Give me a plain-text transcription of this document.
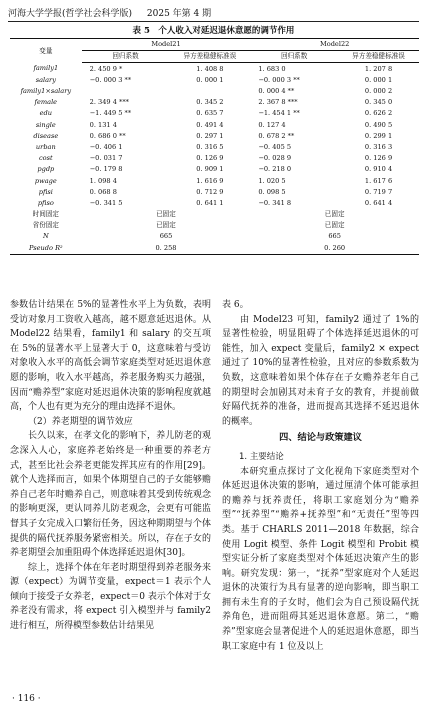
河海大学学报(哲学社会科学版) 2025 年第 4 期
表 5　个人收入对延迟退休意愿的调节作用
变量	Model21		Model22	
	回归系数	异方差稳健标准误	回归系数	异方差稳健标准误
family1	2. 450 9 *	1. 408 8	1. 683 0	1. 207 8
salary	−0. 000 3 **	0. 000 1	−0. 000 3 **	0. 000 1
family1×salary			0. 000 4 **	0. 000 2
female	2. 349 4 ***	0. 345 2	2. 367 8 ***	0. 345 0
edu	−1. 449 5 **	0. 635 7	−1. 454 1 **	0. 626 2
single	0. 131 4	0. 491 4	0. 127 4	0. 490 5
disease	0. 686 0 **	0. 297 1	0. 678 2 **	0. 299 1
urban	−0. 406 1	0. 316 5	−0. 405 5	0. 316 3
cost	−0. 031 7	0. 126 9	−0. 028 9	0. 126 9
pgdp	−0. 179 8	0. 909 1	−0. 218 0	0. 910 4
pwage	1. 098 4	1. 616 9	1. 020 5	1. 617 6
pfisi	0. 068 8	0. 712 9	0. 098 5	0. 719 7
pfiso	−0. 341 5	0. 641 1	−0. 341 8	0. 641 4
时间固定	已固定		已固定	
省份固定	已固定		已固定	
N	665		665	
Pseudo R²	0. 258		0. 260	

参数估计结果在 5%的显著性水平上为负数，表明受访对象月工资收入越高，越不愿意延迟退休。从 Model22 结果看，family1 和 salary 的交互项在 5%的显著水平上显著大于 0，这意味着与受访对象收入水平的高低会调节家庭类型对延迟退休意愿的影响，收入水平越高，养老服务购买力越强，因而“赡养型”家庭对延迟退休决策的影响程度就越高，个人也有更为充分的理由选择不退休。

（2）养老期望的调节效应

长久以来，在孝文化的影响下，养儿防老的观念深入人心，家庭养老始终是一种重要的养老方式，甚至比社会养老更能发挥其应有的作用[29]。就个人选择而言，如果个体期望自己的子女能够赡养自己老年时赡养自己，则意味着其受到传统观念的影响更深，更认同养儿防老观念，会更有可能监督其子女完成入口繁衍任务，因这种期期望与个体提供的隔代抚养服务紧密相关。所以，存在子女的养老期望会加重阻碍个体选择延迟退休[30]。

综上，选择个体在年老时期望得到养老服务来源（expect）为调节变量，expect＝1 表示个人倾向于接受子女养老，expect＝0 表示个体对于女养老没有需求，将 expect 引入模型并与 family2 进行相互，所得模型参数估计结果见

表 6。

由 Model23 可知，family2 通过了 1%的显著性检验，明显阻碍了个体选择延迟退休的可能性，加入 expect 变量后，family2 × expect 通过了 10%的显著性检验，且对应的参数系数为负数，这意味着如果个体存在子女赡养老年自己的期望时会加剧其对未育子女的教育，并提前做好隔代抚养的准备，进而提高其选择不延迟退休的概率。

四、结论与政策建议

1. 主要结论

本研究重点探讨了文化视角下家庭类型对个体延迟退休决策的影响，通过厘清个体可能承担的赡养与抚养责任，将职工家庭划分为“赡养型”“抚养型”“赡养+抚养型”和“无责任”型等四类。基于 CHARLS 2011—2018 年数据，综合使用 Logit 模型、条件 Logit 模型和 Probit 模型实证分析了家庭类型对个体延迟决策产生的影响。研究发现：第一，“抚养”型家庭对个人延迟退休的决策行为具有显著的逆向影响，即当职工拥有未生育的子女时，他们会为自己预设隔代抚养角色，进而阻碍其延迟退休意愿。第二，“赡养”型家庭会显著促进个人的延迟退休意愿，即当职工家庭中有 1 位及以上

· 116 ·
